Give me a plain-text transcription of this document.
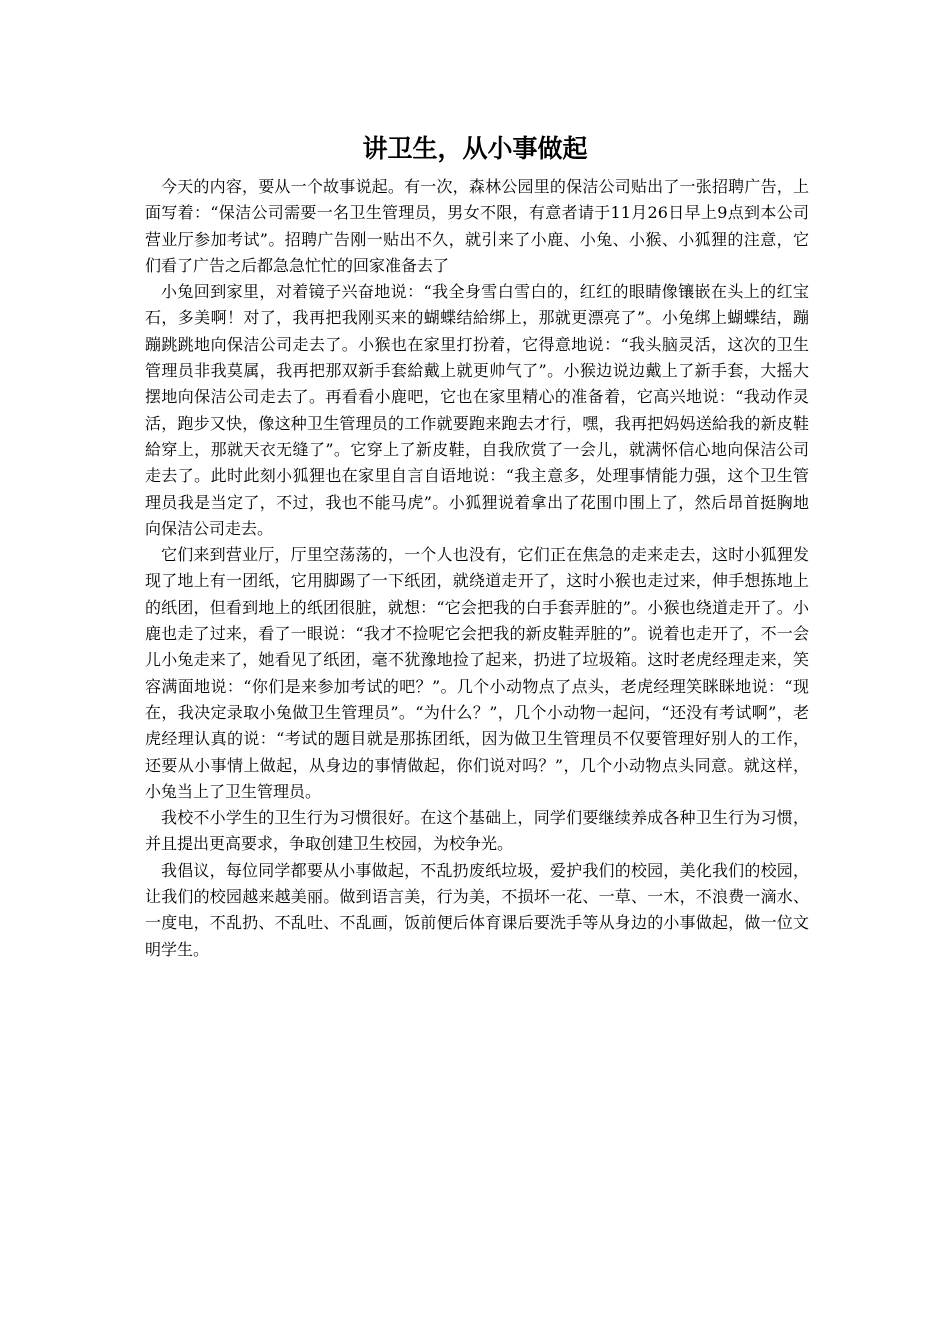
讲卫生，从小事做起

今天的内容，要从一个故事说起。有一次，森林公园里的保洁公司贴出了一张招聘广告，上面写着：“保洁公司需要一名卫生管理员，男女不限，有意者请于11月26日早上9点到本公司营业厅参加考试”。招聘广告刚一贴出不久，就引来了小鹿、小兔、小猴、小狐狸的注意，它们看了广告之后都急急忙忙的回家准备去了

小兔回到家里，对着镜子兴奋地说：“我全身雪白雪白的，红红的眼睛像镶嵌在头上的红宝石，多美啊！对了，我再把我刚买来的蝴蝶结給绑上，那就更漂亮了”。小兔绑上蝴蝶结，蹦蹦跳跳地向保洁公司走去了。小猴也在家里打扮着，它得意地说：“我头脑灵活，这次的卫生管理员非我莫属，我再把那双新手套給戴上就更帅气了”。小猴边说边戴上了新手套，大摇大摆地向保洁公司走去了。再看看小鹿吧，它也在家里精心的准备着，它高兴地说：“我动作灵活，跑步又快，像这种卫生管理员的工作就要跑来跑去才行，嘿，我再把妈妈送給我的新皮鞋給穿上，那就天衣无缝了”。它穿上了新皮鞋，自我欣赏了一会儿，就满怀信心地向保洁公司走去了。此时此刻小狐狸也在家里自言自语地说：“我主意多，处理事情能力强，这个卫生管理员我是当定了，不过，我也不能马虎”。小狐狸说着拿出了花围巾围上了，然后昂首挺胸地向保洁公司走去。

它们来到营业厅，厅里空荡荡的，一个人也没有，它们正在焦急的走来走去，这时小狐狸发现了地上有一团纸，它用脚踢了一下纸团，就绕道走开了，这时小猴也走过来，伸手想拣地上的纸团，但看到地上的纸团很脏，就想：“它会把我的白手套弄脏的”。小猴也绕道走开了。小鹿也走了过来，看了一眼说：“我才不捡呢它会把我的新皮鞋弄脏的”。说着也走开了，不一会儿小兔走来了，她看见了纸团，毫不犹豫地捡了起来，扔进了垃圾箱。这时老虎经理走来，笑容满面地说：“你们是来参加考试的吧？”。几个小动物点了点头，老虎经理笑眯眯地说：“现在，我决定录取小兔做卫生管理员”。“为什么？”，几个小动物一起问，“还没有考试啊”，老虎经理认真的说：“考试的题目就是那拣团纸，因为做卫生管理员不仅要管理好别人的工作，还要从小事情上做起，从身边的事情做起，你们说对吗？”，几个小动物点头同意。就这样，小兔当上了卫生管理员。

我校不小学生的卫生行为习惯很好。在这个基础上，同学们要继续养成各种卫生行为习惯，并且提出更高要求，争取创建卫生校园，为校争光。

我倡议，每位同学都要从小事做起，不乱扔废纸垃圾，爱护我们的校园，美化我们的校园，让我们的校园越来越美丽。做到语言美，行为美，不损坏一花、一草、一木，不浪费一滴水、一度电，不乱扔、不乱吐、不乱画，饭前便后体育课后要洗手等从身边的小事做起，做一位文明学生。
